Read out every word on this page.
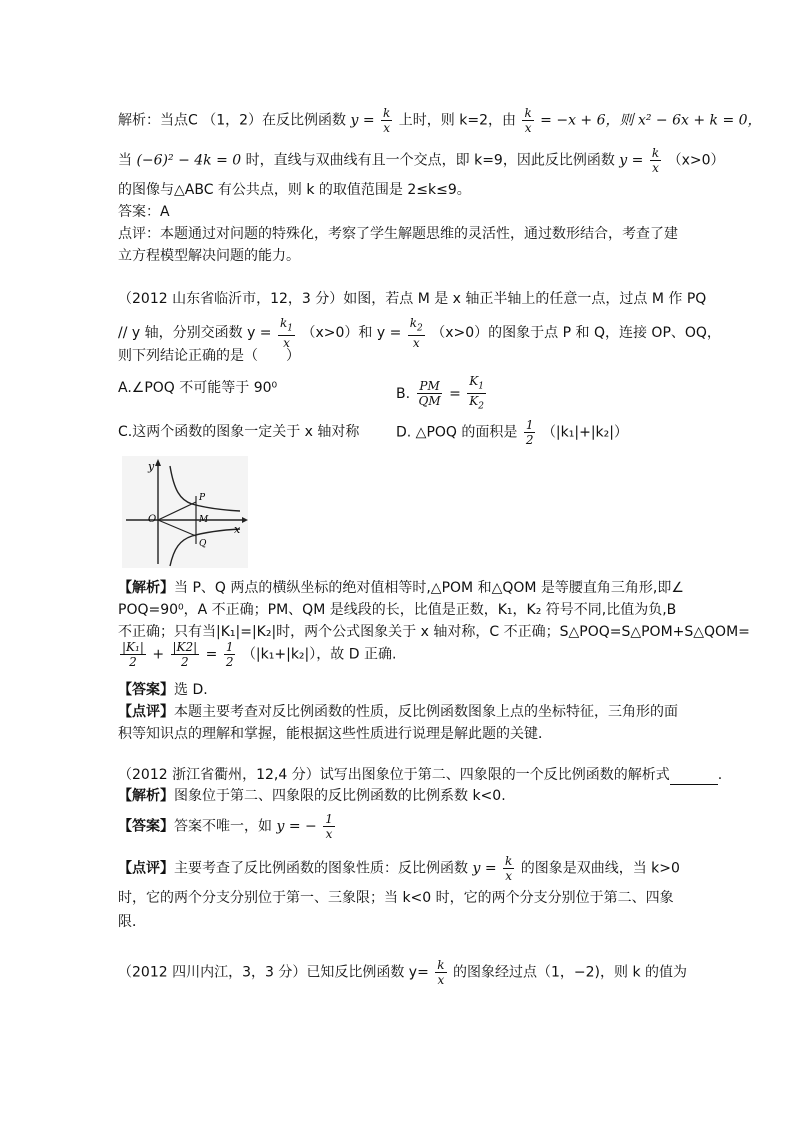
解析：当点C （1，2）在反比例函数 $y = \frac{k}{x}$ 上时，则 k=2，由 $\frac{k}{x} = -x + 6$，则 x² − 6x + k = 0，
当 (−6)² − 4k = 0 时，直线与双曲线有且一个交点，即 k=9，因此反比例函数 $y = \frac{k}{x} (x>0)$
的图像与△ABC 有公共点，则 k 的取值范围是 2≤k≤9。
答案：A
点评：本题通过对问题的特殊化，考察了学生解题思维的灵活性，通过数形结合，考查了建
立方程模型解决问题的能力。
（2012 山东省临沂市，12，3 分）如图，若点 M 是 x 轴正半轴上的任意一点，过点 M 作 PQ
// y 轴，分别交函数 $y = \frac{k_1}{x} (x>0)$和 $y = \frac{k_2}{x} (x>0)$的图象于点 P 和 Q，连接 OP、OQ，
则下列结论正确的是（　　）
A.∠POQ 不可能等于 90⁰	B. $\frac{PM}{QM} = \frac{K_1}{K_2}$
C.这两个函数的图象一定关于 x 轴对称	D. △POQ 的面积是 $\frac{1}{2} (|k_1|+|k_2|)$
y
x
O
P
M
Q
【解析】当 P、Q 两点的横纵坐标的绝对值相等时,△POM 和△QOM 是等腰直角三角形,即∠
POQ=90⁰，A 不正确；PM、QM 是线段的长，比值是正数，K₁，K₂ 符号不同,比值为负,B
不正确；只有当|K₁|=|K₂|时，两个公式图象关于 x 轴对称，C 不正确；S△POQ=S△POM+S△QOM=
$\frac{\text{|K₁|}}{2} + \frac{|K2|}{2} = \frac{1}{2} (|k_1+|k_2|)$，故 D 正确.
【答案】选 D.
【点评】本题主要考查对反比例函数的性质，反比例函数图象上点的坐标特征，三角形的面
积等知识点的理解和掌握，能根据这些性质进行说理是解此题的关键．
（2012 浙江省衢州，12,4 分）试写出图象位于第二、四象限的一个反比例函数的解析式	.
【解析】图象位于第二、四象限的反比例函数的比例系数 k<0.
【答案】答案不唯一，如 y = − $\frac{1}{x}$
【点评】主要考查了反比例函数的图象性质：反比例函数 $y = \frac{k}{x}$ 的图象是双曲线，当 k>0
时，它的两个分支分别位于第一、三象限；当 k<0 时，它的两个分支分别位于第二、四象
限．
（2012 四川内江，3，3 分）已知反比例函数 $y= \frac{k}{x}$ 的图象经过点（1，−2)，则 k 的值为
